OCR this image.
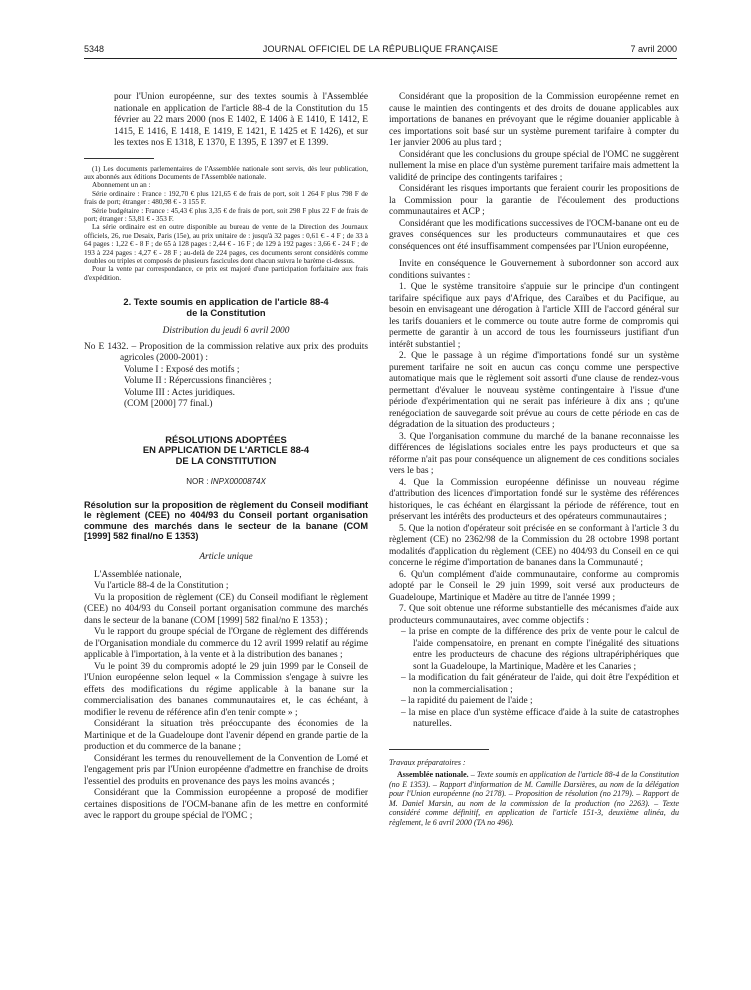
5348	JOURNAL OFFICIEL DE LA RÉPUBLIQUE FRANÇAISE	7 avril 2000

pour l'Union européenne, sur des textes soumis à l'Assemblée nationale en application de l'article 88-4 de la Constitution du 15 février au 22 mars 2000 (nos E 1402, E 1406 à E 1410, E 1412, E 1415, E 1416, E 1418, E 1419, E 1421, E 1425 et E 1426), et sur les textes nos E 1318, E 1370, E 1395, E 1397 et E 1399.

(1) Les documents parlementaires de l'Assemblée nationale sont servis, dès leur publication, aux abonnés aux éditions Documents de l'Assemblée nationale.

Abonnement un an :

Série ordinaire : France : 192,70 € plus 121,65 € de frais de port, soit 1 264 F plus 798 F de frais de port; étranger : 480,98 € - 3 155 F.

Série budgétaire : France : 45,43 € plus 3,35 € de frais de port, soit 298 F plus 22 F de frais de port; étranger : 53,81 € - 353 F.

La série ordinaire est en outre disponible au bureau de vente de la Direction des Journaux officiels, 26, rue Desaix, Paris (15e), au prix unitaire de : jusqu'à 32 pages : 0,61 € - 4 F ; de 33 à 64 pages : 1,22 € - 8 F ; de 65 à 128 pages : 2,44 € - 16 F ; de 129 à 192 pages : 3,66 € - 24 F ; de 193 à 224 pages : 4,27 € - 28 F ; au-delà de 224 pages, ces documents seront considérés comme doubles ou triples et composés de plusieurs fascicules dont chacun suivra le barème ci-dessus.

Pour la vente par correspondance, ce prix est majoré d'une participation forfaitaire aux frais d'expédition.

2. Texte soumis en application de l'article 88-4
de la Constitution

Distribution du jeudi 6 avril 2000

No E 1432. – Proposition de la commission relative aux prix des produits agricoles (2000-2001) :

Volume I : Exposé des motifs ;

Volume II : Répercussions financières ;

Volume III : Actes juridiques.

(COM [2000] 77 final.)

RÉSOLUTIONS ADOPTÉES
EN APPLICATION DE L'ARTICLE 88-4
DE LA CONSTITUTION

NOR : INPX0000874X

Résolution sur la proposition de règlement du Conseil modifiant le règlement (CEE) no 404/93 du Conseil portant organisation commune des marchés dans le secteur de la banane (COM [1999] 582 final/no E 1353)

Article unique

L'Assemblée nationale,

Vu l'article 88-4 de la Constitution ;

Vu la proposition de règlement (CE) du Conseil modifiant le règlement (CEE) no 404/93 du Conseil portant organisation commune des marchés dans le secteur de la banane (COM [1999] 582 final/no E 1353) ;

Vu le rapport du groupe spécial de l'Organe de règlement des différends de l'Organisation mondiale du commerce du 12 avril 1999 relatif au régime applicable à l'importation, à la vente et à la distribution des bananes ;

Vu le point 39 du compromis adopté le 29 juin 1999 par le Conseil de l'Union européenne selon lequel « la Commission s'engage à suivre les effets des modifications du régime applicable à la banane sur la commercialisation des bananes communautaires et, le cas échéant, à modifier le revenu de référence afin d'en tenir compte » ;

Considérant la situation très préoccupante des économies de la Martinique et de la Guadeloupe dont l'avenir dépend en grande partie de la production et du commerce de la banane ;

Considérant les termes du renouvellement de la Convention de Lomé et l'engagement pris par l'Union européenne d'admettre en franchise de droits l'essentiel des produits en provenance des pays les moins avancés ;

Considérant que la Commission européenne a proposé de modifier certaines dispositions de l'OCM-banane afin de les mettre en conformité avec le rapport du groupe spécial de l'OMC ;

Considérant que la proposition de la Commission européenne remet en cause le maintien des contingents et des droits de douane applicables aux importations de bananes en prévoyant que le régime douanier applicable à ces importations soit basé sur un système purement tarifaire à compter du 1er janvier 2006 au plus tard ;

Considérant que les conclusions du groupe spécial de l'OMC ne suggèrent nullement la mise en place d'un système purement tarifaire mais admettent la validité de principe des contingents tarifaires ;

Considérant les risques importants que feraient courir les propositions de la Commission pour la garantie de l'écoulement des productions communautaires et ACP ;

Considérant que les modifications successives de l'OCM-banane ont eu de graves conséquences sur les producteurs communautaires et que ces conséquences ont été insuffisamment compensées par l'Union européenne,

Invite en conséquence le Gouvernement à subordonner son accord aux conditions suivantes :

1. Que le système transitoire s'appuie sur le principe d'un contingent tarifaire spécifique aux pays d'Afrique, des Caraïbes et du Pacifique, au besoin en envisageant une dérogation à l'article XIII de l'accord général sur les tarifs douaniers et le commerce ou toute autre forme de compromis qui permette de garantir à un accord de tous les fournisseurs justifiant d'un intérêt substantiel ;

2. Que le passage à un régime d'importations fondé sur un système purement tarifaire ne soit en aucun cas conçu comme une perspective automatique mais que le règlement soit assorti d'une clause de rendez-vous permettant d'évaluer le nouveau système contingentaire à l'issue d'une période d'expérimentation qui ne serait pas inférieure à dix ans ; qu'une renégociation de sauvegarde soit prévue au cours de cette période en cas de dégradation de la situation des producteurs ;

3. Que l'organisation commune du marché de la banane reconnaisse les différences de législations sociales entre les pays producteurs et que sa réforme n'ait pas pour conséquence un alignement de ces conditions sociales vers le bas ;

4. Que la Commission européenne définisse un nouveau régime d'attribution des licences d'importation fondé sur le système des références historiques, le cas échéant en élargissant la période de référence, tout en préservant les intérêts des producteurs et des opérateurs communautaires ;

5. Que la notion d'opérateur soit précisée en se conformant à l'article 3 du règlement (CE) no 2362/98 de la Commission du 28 octobre 1998 portant modalités d'application du règlement (CEE) no 404/93 du Conseil en ce qui concerne le régime d'importation de bananes dans la Communauté ;

6. Qu'un complément d'aide communautaire, conforme au compromis adopté par le Conseil le 29 juin 1999, soit versé aux producteurs de Guadeloupe, Martinique et Madère au titre de l'année 1999 ;

7. Que soit obtenue une réforme substantielle des mécanismes d'aide aux producteurs communautaires, avec comme objectifs :

– la prise en compte de la différence des prix de vente pour le calcul de l'aide compensatoire, en prenant en compte l'inégalité des situations entre les producteurs de chacune des régions ultrapériphériques que sont la Guadeloupe, la Martinique, Madère et les Canaries ;

– la modification du fait générateur de l'aide, qui doit être l'expédition et non la commercialisation ;

– la rapidité du paiement de l'aide ;

– la mise en place d'un système efficace d'aide à la suite de catastrophes naturelles.

Travaux préparatoires :

Assemblée nationale. – Texte soumis en application de l'article 88-4 de la Constitution (no E 1353). – Rapport d'information de M. Camille Darsières, au nom de la délégation pour l'Union européenne (no 2178). – Proposition de résolution (no 2179). – Rapport de M. Daniel Marsin, au nom de la commission de la production (no 2263). – Texte considéré comme définitif, en application de l'article 151-3, deuxième alinéa, du règlement, le 6 avril 2000 (TA no 496).
